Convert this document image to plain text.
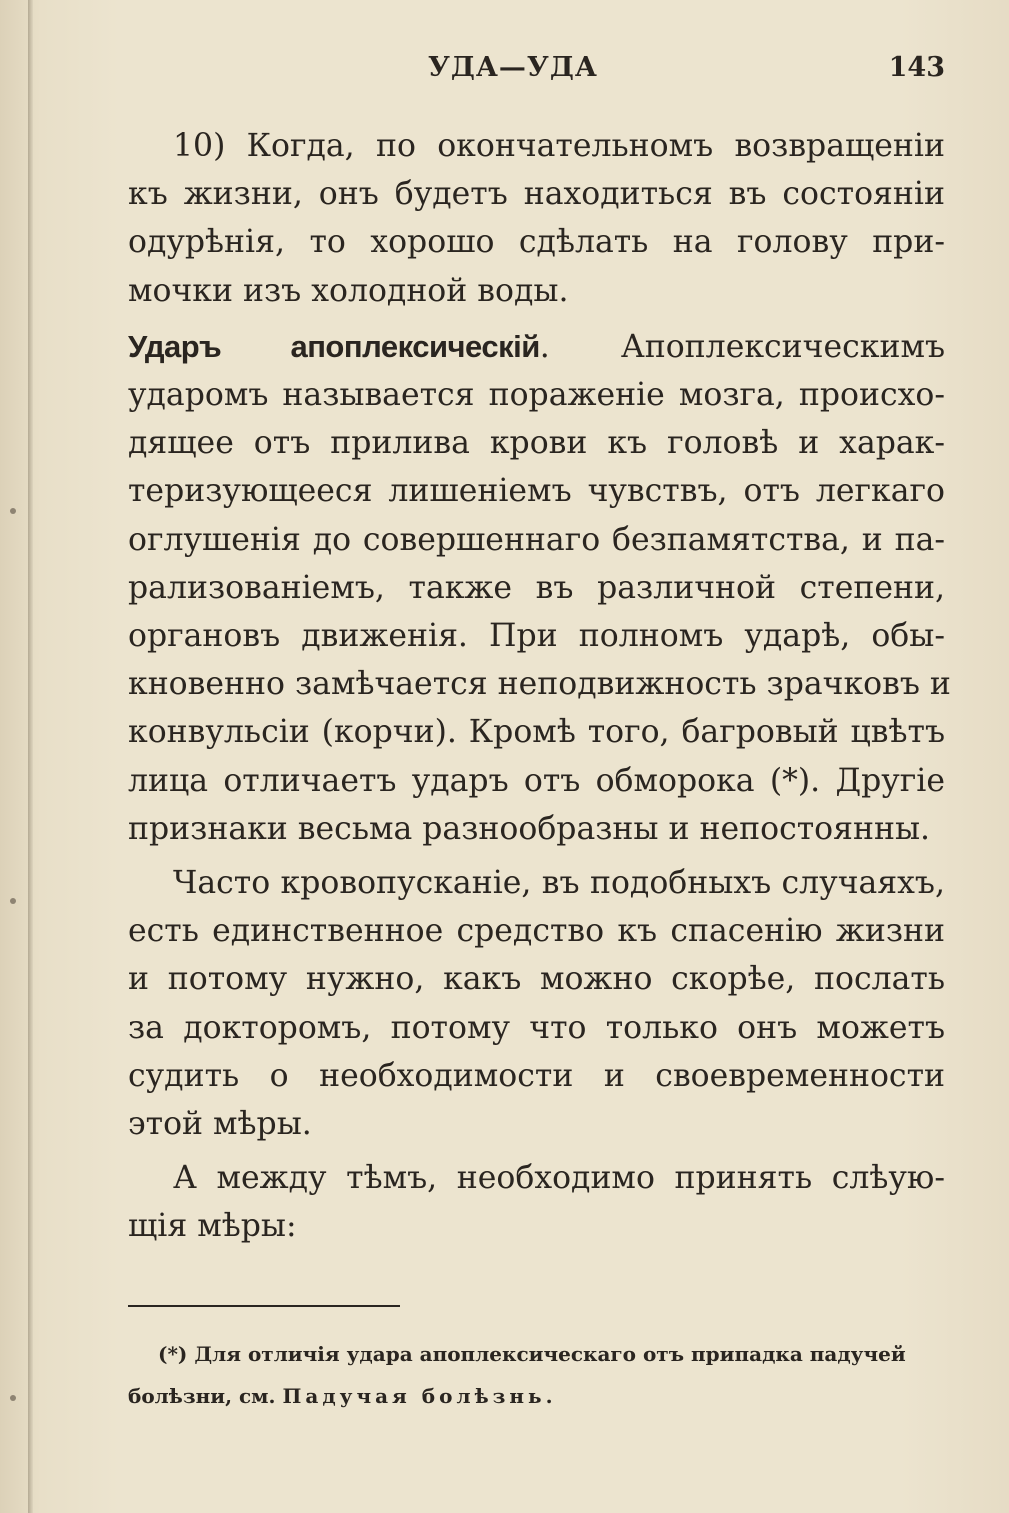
УДА—УДА	143
10) Когда, по окончательномъ возвращенiи
къ жизни, онъ будетъ находиться въ состоянiи
одурѣнiя, то хорошо сдѣлать на голову при-
мочки изъ холодной воды.
Ударъ апоплексическiй. Апоплексическимъ
ударомъ называется пораженiе мозга, происхо-
дящее отъ прилива крови къ головѣ и харак-
теризующееся лишенiемъ чувствъ, отъ легкаго
оглушенiя до совершеннаго безпамятства, и па-
рализованiемъ, также въ различной степени,
органовъ движенiя. При полномъ ударѣ, обы-
кновенно замѣчается неподвижность зрачковъ и
конвульсiи (корчи). Кромѣ того, багровый цвѣтъ
лица отличаетъ ударъ отъ обморока (*). Другiе
признаки весьма разнообразны и непостоянны.
Часто кровопусканiе, въ подобныхъ случаяхъ,
есть единственное средство къ спасенiю жизни
и потому нужно, какъ можно скорѣе, послать
за докторомъ, потому что только онъ можетъ
судить о необходимости и своевременности
этой мѣры.
А между тѣмъ, необходимо принять слѣую-
щiя мѣры:
(*) Для отличiя удара апоплексическаго отъ припадка падучей
болѣзни, см. Падучая болѣзнь.
